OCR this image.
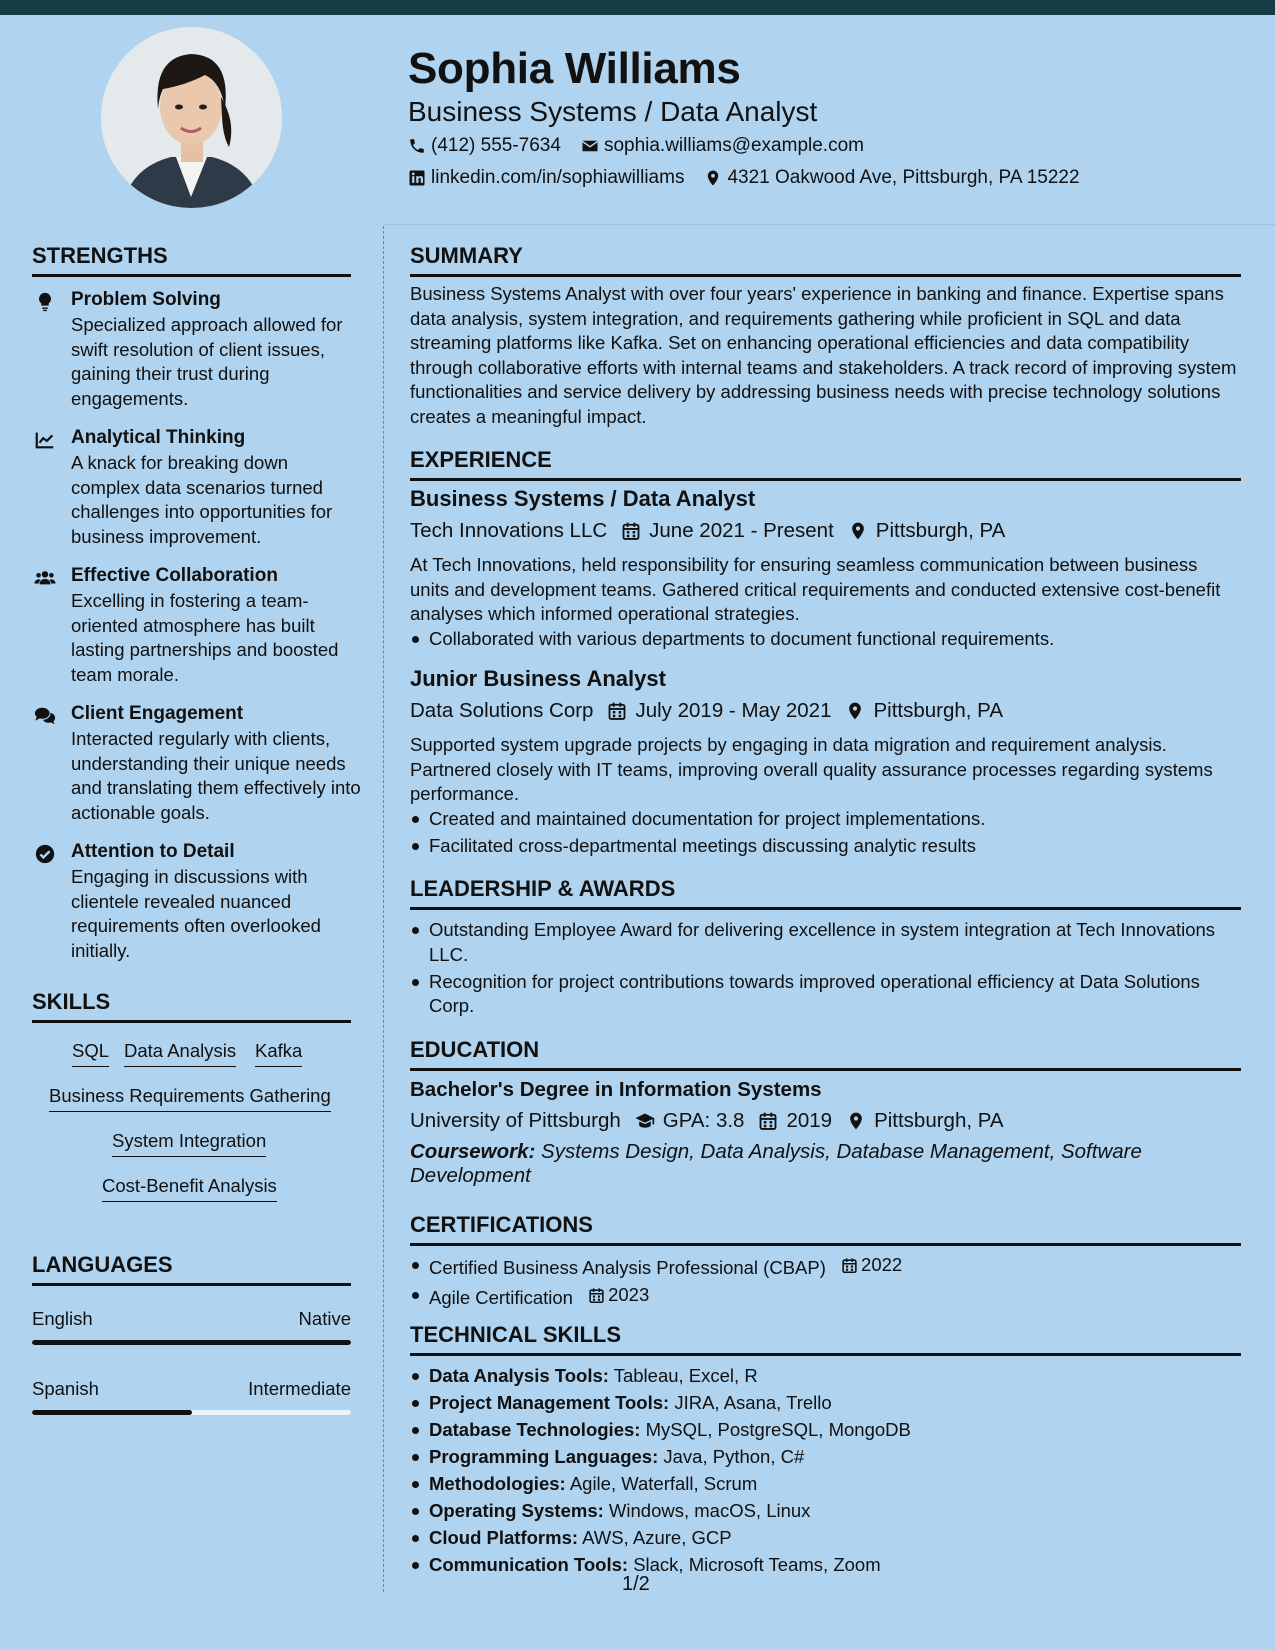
Sophia Williams
Business Systems / Data Analyst
(412) 555-7634 sophia.williams@example.com
linkedin.com/in/sophiawilliams 4321 Oakwood Ave, Pittsburgh, PA 15222
STRENGTHS
Problem Solving
Specialized approach allowed for swift resolution of client issues, gaining their trust during engagements.
Analytical Thinking
A knack for breaking down complex data scenarios turned challenges into opportunities for business improvement.
Effective Collaboration
Excelling in fostering a team-oriented atmosphere has built lasting partnerships and boosted team morale.
Client Engagement
Interacted regularly with clients, understanding their unique needs and translating them effectively into actionable goals.
Attention to Detail
Engaging in discussions with clientele revealed nuanced requirements often overlooked initially.
SKILLS
SQL Data Analysis Kafka
Business Requirements Gathering
System Integration
Cost-Benefit Analysis
LANGUAGES
English	Native
Spanish	Intermediate
SUMMARY
Business Systems Analyst with over four years' experience in banking and finance. Expertise spans data analysis, system integration, and requirements gathering while proficient in SQL and data streaming platforms like Kafka. Set on enhancing operational efficiencies and data compatibility through collaborative efforts with internal teams and stakeholders. A track record of improving system functionalities and service delivery by addressing business needs with precise technology solutions creates a meaningful impact.
EXPERIENCE
Business Systems / Data Analyst
Tech Innovations LLC June 2021 - Present Pittsburgh, PA
At Tech Innovations, held responsibility for ensuring seamless communication between business units and development teams. Gathered critical requirements and conducted extensive cost-benefit analyses which informed operational strategies.
Collaborated with various departments to document functional requirements.
Junior Business Analyst
Data Solutions Corp July 2019 - May 2021 Pittsburgh, PA
Supported system upgrade projects by engaging in data migration and requirement analysis. Partnered closely with IT teams, improving overall quality assurance processes regarding systems performance.
Created and maintained documentation for project implementations.
Facilitated cross-departmental meetings discussing analytic results
LEADERSHIP & AWARDS
Outstanding Employee Award for delivering excellence in system integration at Tech Innovations LLC.
Recognition for project contributions towards improved operational efficiency at Data Solutions Corp.
EDUCATION
Bachelor's Degree in Information Systems
University of Pittsburgh GPA: 3.8 2019 Pittsburgh, PA
Coursework: Systems Design, Data Analysis, Database Management, Software Development
CERTIFICATIONS
Certified Business Analysis Professional (CBAP) 2022
Agile Certification 2023
TECHNICAL SKILLS
Data Analysis Tools: Tableau, Excel, R
Project Management Tools: JIRA, Asana, Trello
Database Technologies: MySQL, PostgreSQL, MongoDB
Programming Languages: Java, Python, C#
Methodologies: Agile, Waterfall, Scrum
Operating Systems: Windows, macOS, Linux
Cloud Platforms: AWS, Azure, GCP
Communication Tools: Slack, Microsoft Teams, Zoom
1/2
